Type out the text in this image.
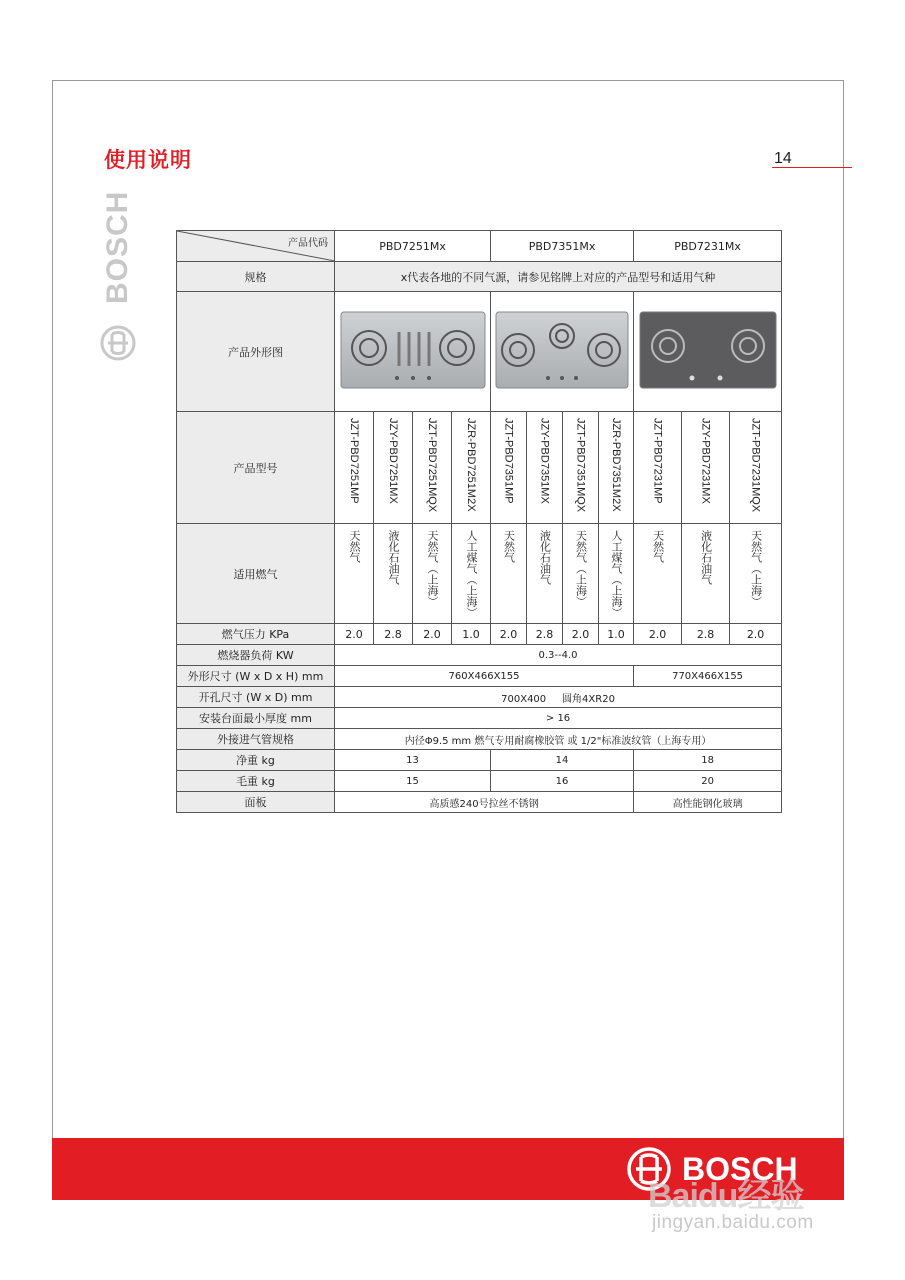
使用说明	14
BOSCH	产品代码	PBD7251Mx				PBD7351Mx				PBD7231Mx		
规格	x代表各地的不同气源，请参见铭牌上对应的产品型号和适用气种										
产品外形图			
产品型号	JZT-PBD7251MP	JZY-PBD7251MX	JZT-PBD7251MQX	JZR-PBD7251M2X	JZT-PBD7351MP	JZY-PBD7351MX	JZT-PBD7351MQX	JZR-PBD7351M2X	JZT-PBD7231MP	JZY-PBD7231MX	JZT-PBD7231MQX
适用燃气	天然气	液化石油气	天然气（上海）	人工煤气（上海）	天然气	液化石油气	天然气（上海）	人工煤气（上海）	天然气	液化石油气	天然气（上海）
燃气压力 KPa	2.0	2.8	2.0	1.0	2.0	2.8	2.0	1.0	2.0	2.8	2.0
燃烧器负荷 KW	0.3--4.0										
外形尺寸 (W x D x H) mm	760X466X155								770X466X155		
开孔尺寸 (W x D) mm	700X400 圆角4XR20										
安装台面最小厚度 mm	> 16										
外接进气管规格	内径Φ9.5 mm 燃气专用耐腐橡胶管 或 1/2"标准波纹管（上海专用）										
净重 kg	13				14				18		
毛重 kg	15				16				20		
面板	高质感240号拉丝不锈钢								高性能钢化玻璃		
BOSCH
Baidu经验
jingyan.baidu.com
